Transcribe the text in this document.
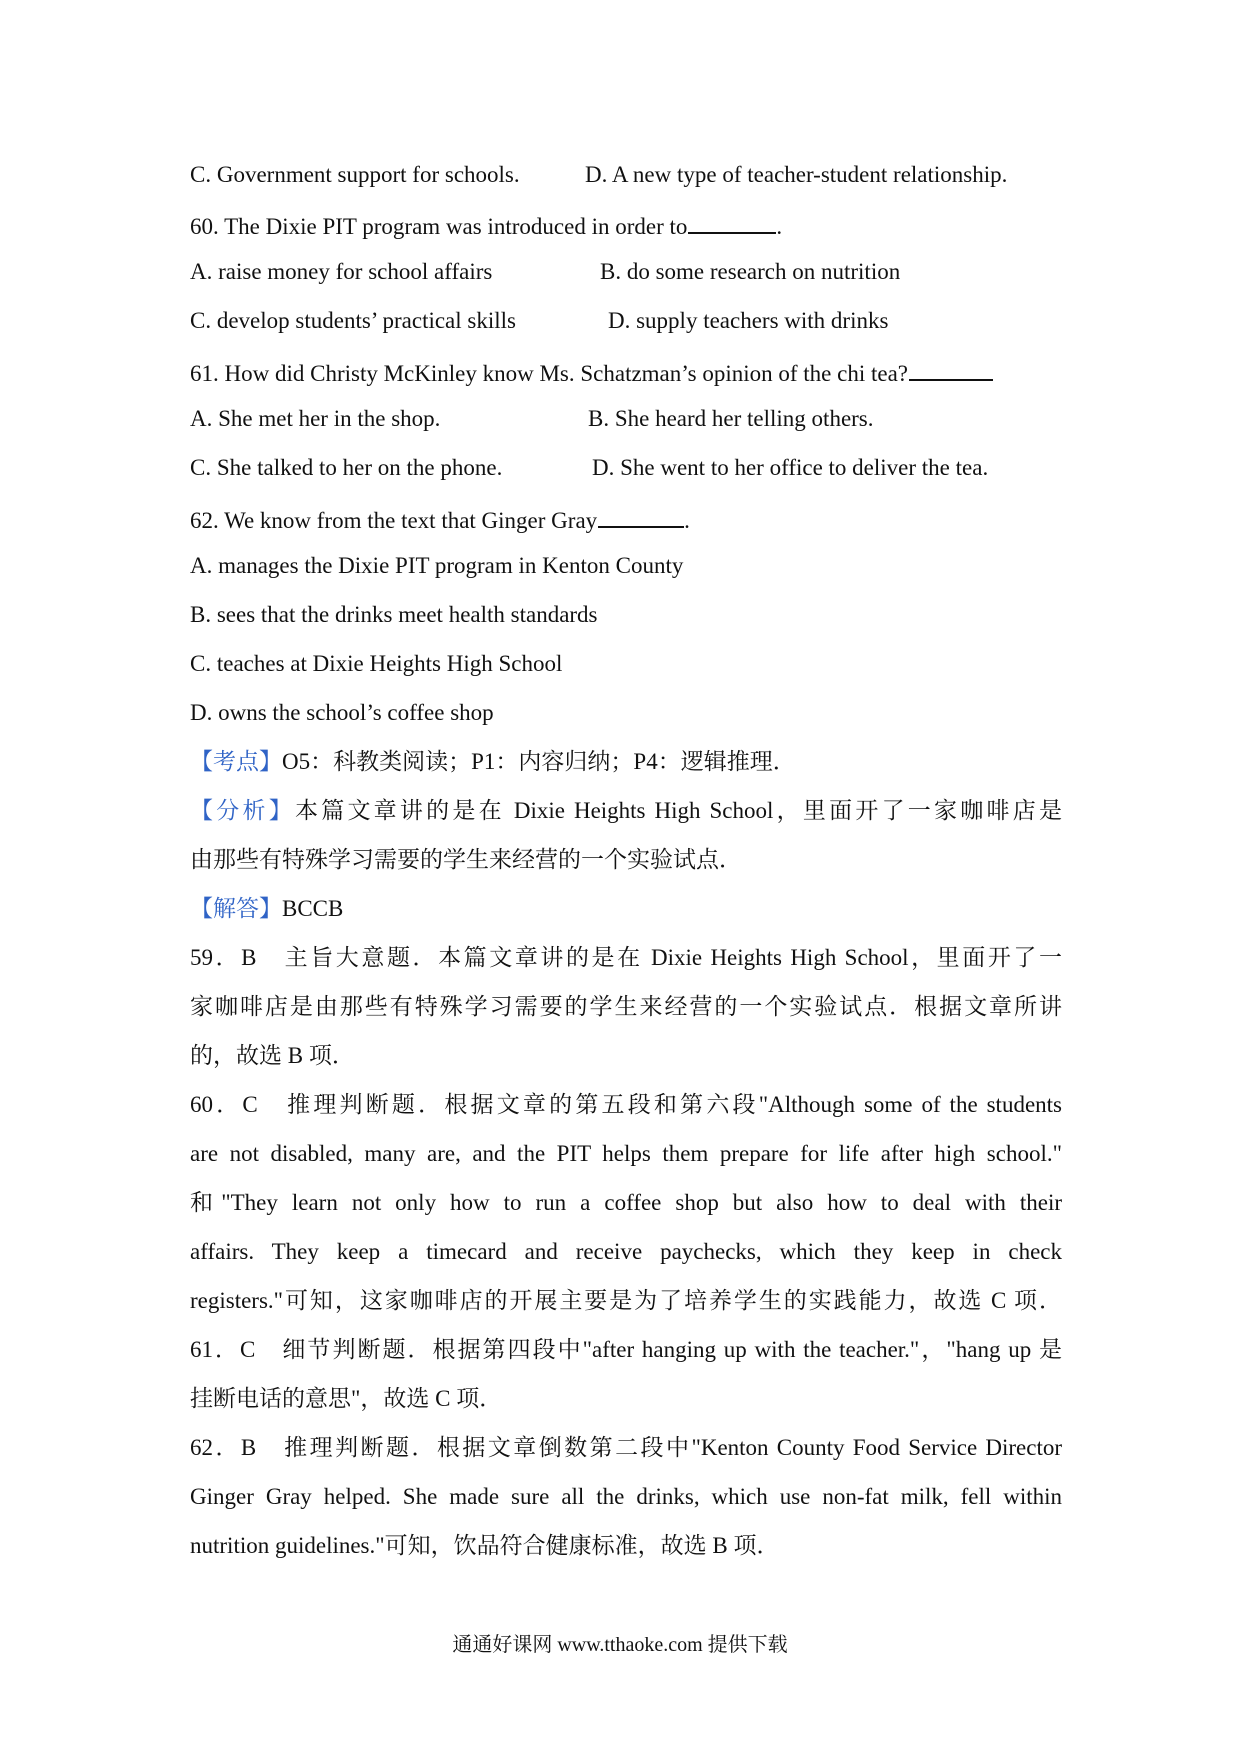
C. Government support for schools.	D. A new type of teacher-student relationship.
60. The Dixie PIT program was introduced in order to	.
A. raise money for school affairs	B. do some research on nutrition
C. develop students’ practical skills	D. supply teachers with drinks
61. How did Christy McKinley know Ms. Schatzman’s opinion of the chi tea?
A. She met her in the shop.	B. She heard her telling others.
C. She talked to her on the phone.	D. She went to her office to deliver the tea.
62. We know from the text that Ginger Gray	.
A. manages the Dixie PIT program in Kenton County
B. sees that the drinks meet health standards
C. teaches at Dixie Heights High School
D. owns the school’s coffee shop
【考点】O5：科教类阅读；P1：内容归纳；P4：逻辑推理．
【分析】本篇文章讲的是在 Dixie Heights High School，里面开了一家咖啡店是
由那些有特殊学习需要的学生来经营的一个实验试点．
【解答】BCCB
59．B　主旨大意题．本篇文章讲的是在 Dixie Heights High School，里面开了一
家咖啡店是由那些有特殊学习需要的学生来经营的一个实验试点．根据文章所讲
的，故选 B 项．
60．C　推理判断题．根据文章的第五段和第六段"Although some of the students
are not disabled, many are, and the PIT helps them prepare for life after high school."
和"They learn not only how to run a coffee shop but also how to deal with their
affairs. They keep a timecard and receive paychecks, which they keep in check
registers."可知，这家咖啡店的开展主要是为了培养学生的实践能力，故选 C 项．
61．C　细节判断题．根据第四段中"after hanging up with the teacher."，"hang up 是
挂断电话的意思"，故选 C 项．
62．B　推理判断题．根据文章倒数第二段中"Kenton County Food Service Director
Ginger Gray helped. She made sure all the drinks, which use non-fat milk, fell within
nutrition guidelines."可知，饮品符合健康标准，故选 B 项．
通通好课网 www.tthaoke.com 提供下载
